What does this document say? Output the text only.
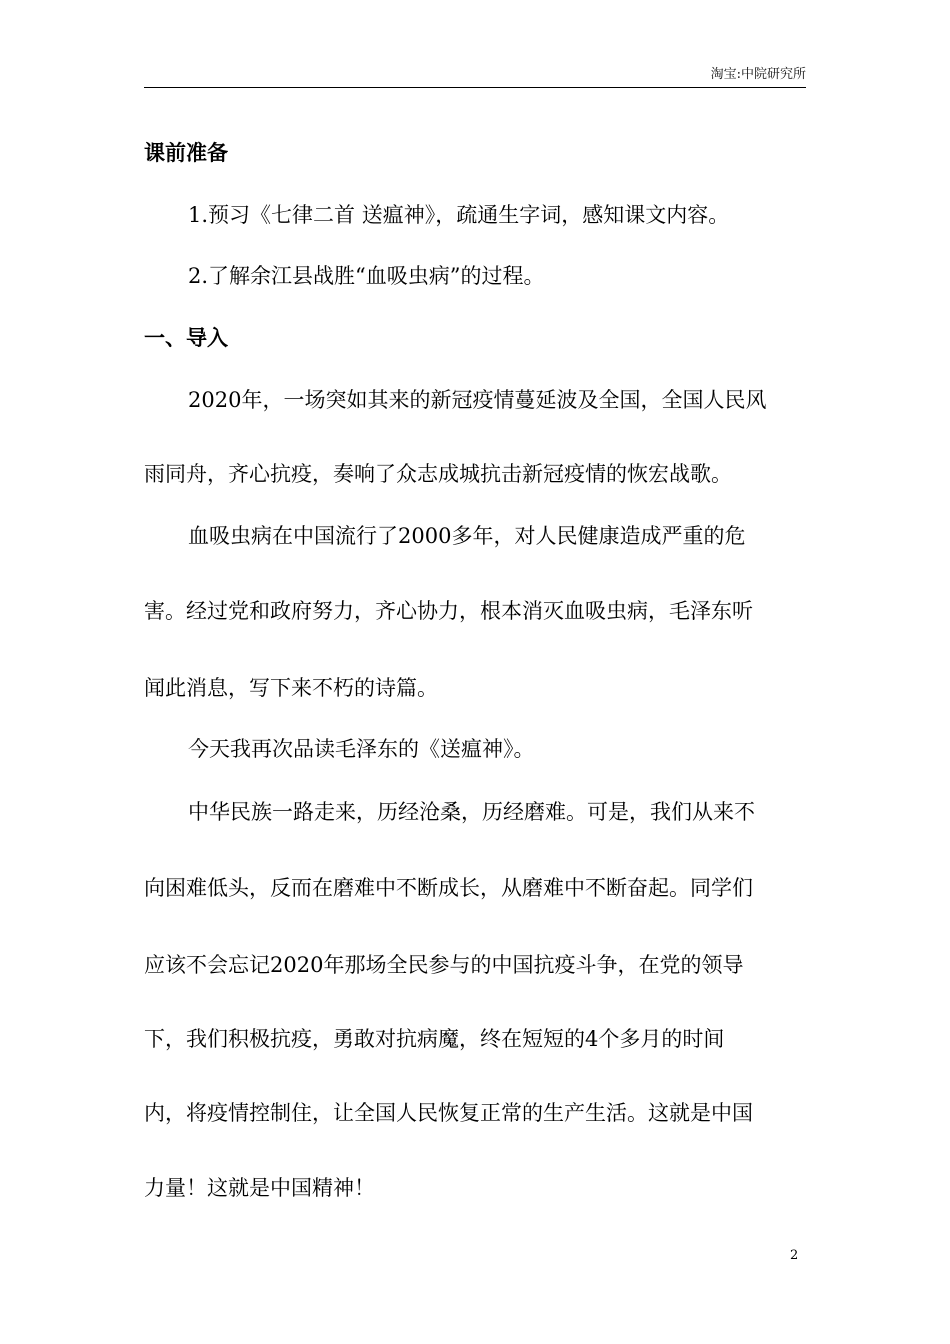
淘宝:中院研究所
课前准备
1.预习《七律二首 送瘟神》，疏通生字词，感知课文内容。
2.了解余江县战胜“血吸虫病”的过程。
一、导入
2020年，一场突如其来的新冠疫情蔓延波及全国，全国人民风
雨同舟，齐心抗疫，奏响了众志成城抗击新冠疫情的恢宏战歌。
血吸虫病在中国流行了2000多年，对人民健康造成严重的危
害。经过党和政府努力，齐心协力，根本消灭血吸虫病，毛泽东听
闻此消息，写下来不朽的诗篇。
今天我再次品读毛泽东的《送瘟神》。
中华民族一路走来，历经沧桑，历经磨难。可是，我们从来不
向困难低头，反而在磨难中不断成长，从磨难中不断奋起。同学们
应该不会忘记2020年那场全民参与的中国抗疫斗争，在党的领导
下，我们积极抗疫，勇敢对抗病魔，终在短短的4个多月的时间
内，将疫情控制住，让全国人民恢复正常的生产生活。这就是中国
力量！这就是中国精神！
2
